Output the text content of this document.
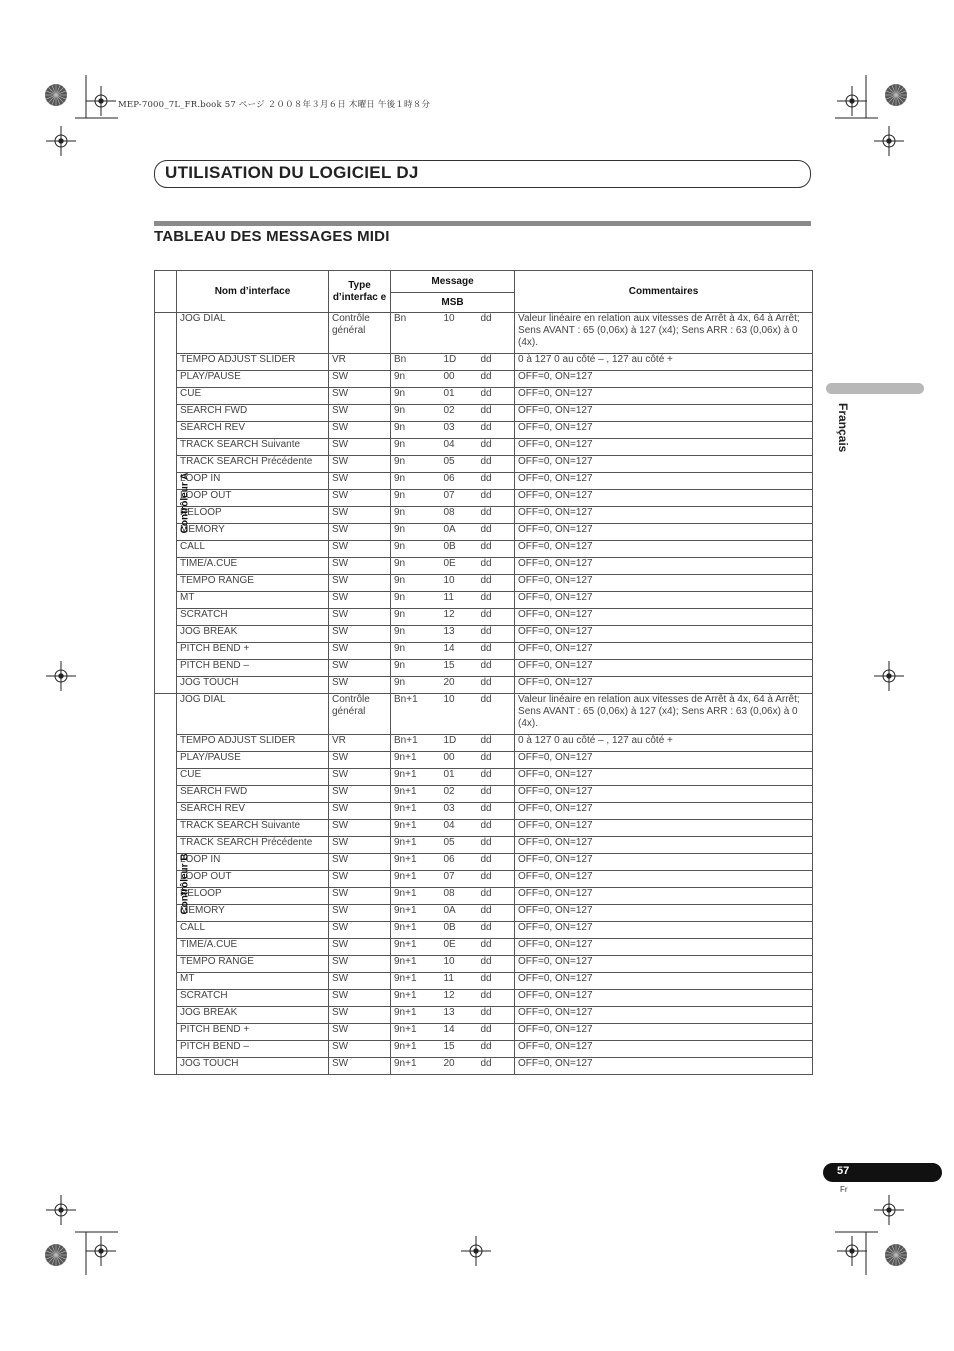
MEP-7000_7L_FR.book 57 ページ ２００８年３月６日 木曜日 午後１時８分
UTILISATION DU LOGICIEL DJ
TABLEAU DES MESSAGES MIDI
Français
	Nom d’interface	Type d’interfac e	Message			Commentaires
			MSB			
Contrôleur A	JOG DIAL	Contrôle général	Bn	10	dd	Valeur linéaire en relation aux vitesses de Arrêt à 4x, 64 à Arrêt; Sens AVANT : 65 (0,06x) à 127 (x4); Sens ARR : 63 (0,06x) à 0 (4x).
	TEMPO ADJUST SLIDER	VR	Bn	1D	dd	0 à 127 0 au côté – , 127 au côté +
	PLAY/PAUSE	SW	9n	00	dd	OFF=0, ON=127
	CUE	SW	9n	01	dd	OFF=0, ON=127
	SEARCH FWD	SW	9n	02	dd	OFF=0, ON=127
	SEARCH REV	SW	9n	03	dd	OFF=0, ON=127
	TRACK SEARCH Suivante	SW	9n	04	dd	OFF=0, ON=127
	TRACK SEARCH Précédente	SW	9n	05	dd	OFF=0, ON=127
	LOOP IN	SW	9n	06	dd	OFF=0, ON=127
	LOOP OUT	SW	9n	07	dd	OFF=0, ON=127
	RELOOP	SW	9n	08	dd	OFF=0, ON=127
	MEMORY	SW	9n	0A	dd	OFF=0, ON=127
	CALL	SW	9n	0B	dd	OFF=0, ON=127
	TIME/A.CUE	SW	9n	0E	dd	OFF=0, ON=127
	TEMPO RANGE	SW	9n	10	dd	OFF=0, ON=127
	MT	SW	9n	11	dd	OFF=0, ON=127
	SCRATCH	SW	9n	12	dd	OFF=0, ON=127
	JOG BREAK	SW	9n	13	dd	OFF=0, ON=127
	PITCH BEND +	SW	9n	14	dd	OFF=0, ON=127
	PITCH BEND –	SW	9n	15	dd	OFF=0, ON=127
	JOG TOUCH	SW	9n	20	dd	OFF=0, ON=127
Contrôleur B	JOG DIAL	Contrôle général	Bn+1	10	dd	Valeur linéaire en relation aux vitesses de Arrêt à 4x, 64 à Arrêt; Sens AVANT : 65 (0,06x) à 127 (x4); Sens ARR : 63 (0,06x) à 0 (4x).
	TEMPO ADJUST SLIDER	VR	Bn+1	1D	dd	0 à 127 0 au côté – , 127 au côté +
	PLAY/PAUSE	SW	9n+1	00	dd	OFF=0, ON=127
	CUE	SW	9n+1	01	dd	OFF=0, ON=127
	SEARCH FWD	SW	9n+1	02	dd	OFF=0, ON=127
	SEARCH REV	SW	9n+1	03	dd	OFF=0, ON=127
	TRACK SEARCH Suivante	SW	9n+1	04	dd	OFF=0, ON=127
	TRACK SEARCH Précédente	SW	9n+1	05	dd	OFF=0, ON=127
	LOOP IN	SW	9n+1	06	dd	OFF=0, ON=127
	LOOP OUT	SW	9n+1	07	dd	OFF=0, ON=127
	RELOOP	SW	9n+1	08	dd	OFF=0, ON=127
	MEMORY	SW	9n+1	0A	dd	OFF=0, ON=127
	CALL	SW	9n+1	0B	dd	OFF=0, ON=127
	TIME/A.CUE	SW	9n+1	0E	dd	OFF=0, ON=127
	TEMPO RANGE	SW	9n+1	10	dd	OFF=0, ON=127
	MT	SW	9n+1	11	dd	OFF=0, ON=127
	SCRATCH	SW	9n+1	12	dd	OFF=0, ON=127
	JOG BREAK	SW	9n+1	13	dd	OFF=0, ON=127
	PITCH BEND +	SW	9n+1	14	dd	OFF=0, ON=127
	PITCH BEND –	SW	9n+1	15	dd	OFF=0, ON=127
	JOG TOUCH	SW	9n+1	20	dd	OFF=0, ON=127
57
Fr
